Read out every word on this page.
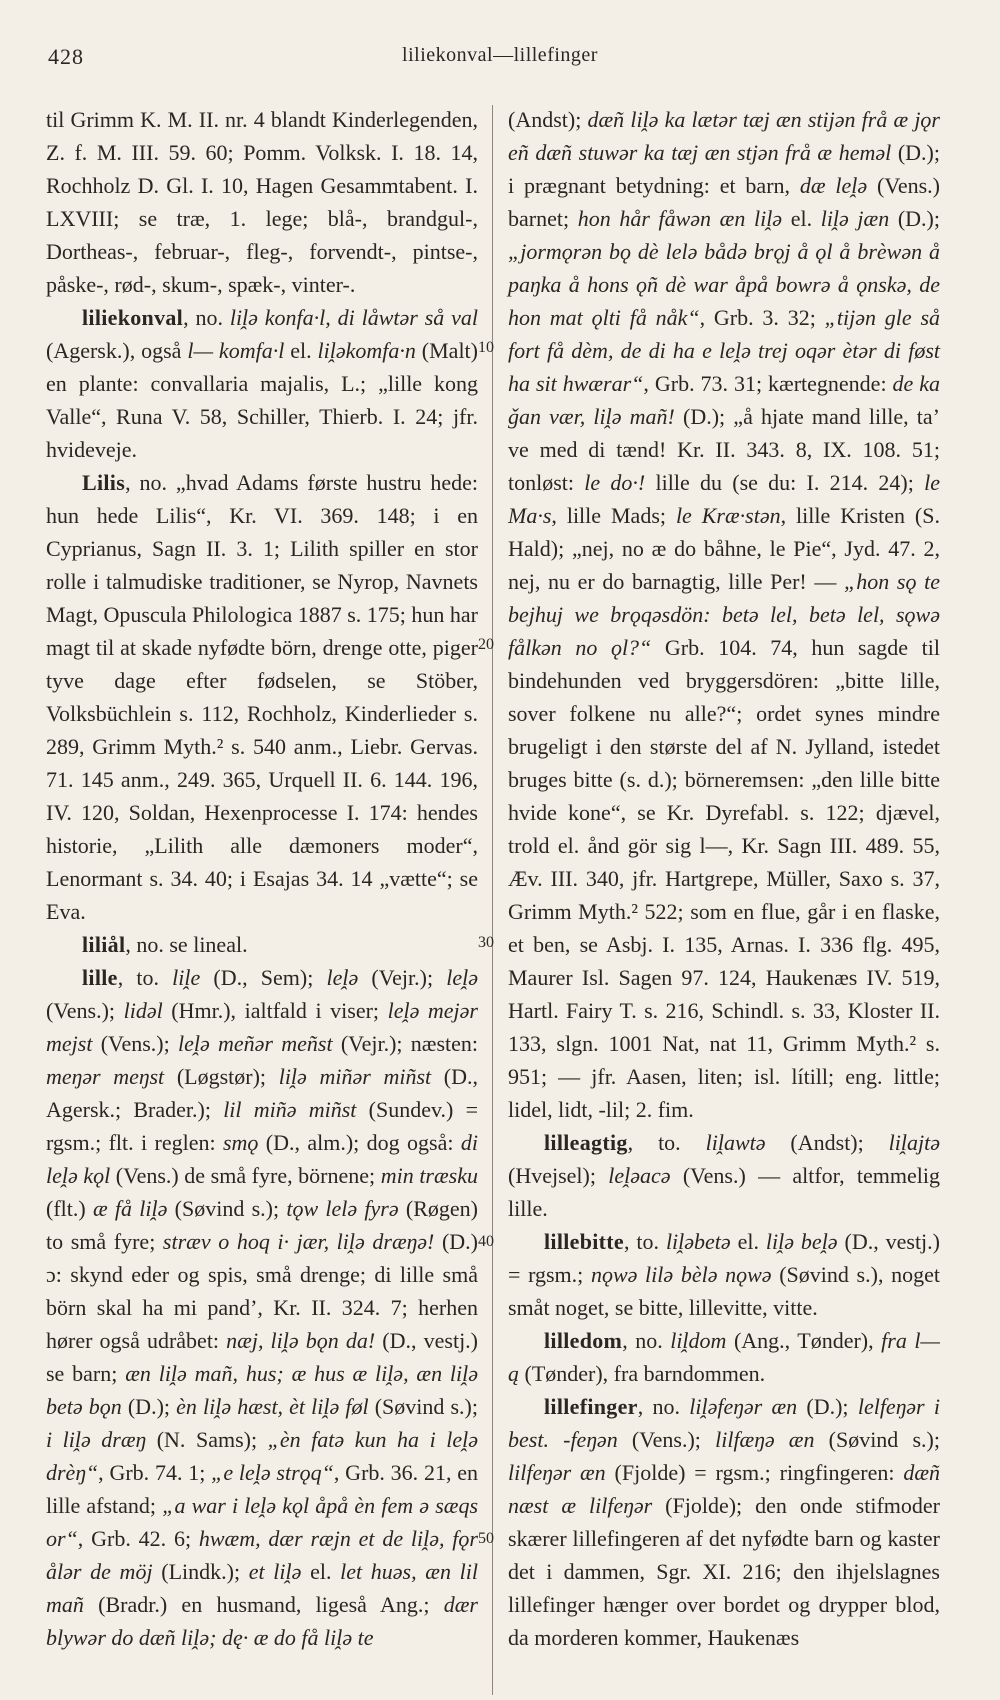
428	liliekonval—lillefinger

til Grimm K. M. II. nr. 4 blandt Kinderlegenden, Z. f. M. III. 59. 60; Pomm. Volksk. I. 18. 14, Rochholz D. Gl. I. 10, Hagen Gesammtabent. I. LXVIII; se træ, 1. lege; blå-, brandgul-, Dortheas-, februar-, fleg-, forvendt-, pintse-, påske-, rød-, skum-, spæk-, vinter-.

liliekonval, no. liḽə konfa·l, di låwtər så val (Agersk.), også l— komfa·l el. liḽəkomfa·n (Malt) en plante: convallaria majalis, L.; „lille kong Valle“, Runa V. 58, Schiller, Thierb. I. 24; jfr. hvideveje.

Lilis, no. „hvad Adams første hustru hede: hun hede Lilis“, Kr. VI. 369. 148; i en Cyprianus, Sagn II. 3. 1; Lilith spiller en stor rolle i talmudiske traditioner, se Nyrop, Navnets Magt, Opuscula Philologica 1887 s. 175; hun har magt til at skade nyfødte börn, drenge otte, piger tyve dage efter fødselen, se Stöber, Volksbüchlein s. 112, Rochholz, Kinderlieder s. 289, Grimm Myth.² s. 540 anm., Liebr. Gervas. 71. 145 anm., 249. 365, Urquell II. 6. 144. 196, IV. 120, Soldan, Hexenprocesse I. 174: hendes historie, „Lilith alle dæmoners moder“, Lenormant s. 34. 40; i Esajas 34. 14 „vætte“; se Eva.

liliål, no. se lineal.

lille, to. liḽe (D., Sem); leḽə (Vejr.); leḽə (Vens.); lidəl (Hmr.), ialtfald i viser; leḽə mejər mejst (Vens.); leḽə meñər meñst (Vejr.); næsten: meŋər meŋst (Løgstør); liḽə miñər miñst (D., Agersk.; Brader.); lil miñə miñst (Sundev.) = rgsm.; flt. i reglen: smǫ (D., alm.); dog også: di leḽə kǫl (Vens.) de små fyre, börnene; min træsku (flt.) æ få liḽə (Søvind s.); tǫw lelə fyrə (Røgen) to små fyre; stræv o hoq i· jær, liḽə dræŋə! (D.) ɔ: skynd eder og spis, små drenge; di lille små börn skal ha mi pand’, Kr. II. 324. 7; herhen hører også udråbet: næj, liḽə bǫn da! (D., vestj.) se barn; æn liḽə mañ, hus; æ hus æ liḽə, æn liḽə betə bǫn (D.); èn liḽə hæst, èt liḽə føl (Søvind s.); i liḽə dræŋ (N. Sams); „èn fatə kun ha i leḽə drèŋ“, Grb. 74. 1; „e leḽə strǫq“, Grb. 36. 21, en lille afstand; „a war i leḽə kǫl åpå èn fem ə sæqs or“, Grb. 42. 6; hwæm, dær ræjn et de liḽə, fǫr ålər de möj (Lindk.); et liḽə el. let huəs, æn lil mañ (Bradr.) en husmand, ligeså Ang.; dær blywər do dæñ liḽə; dę· æ do få liḽə te

(Andst); dæñ liḽə ka lætər tæj æn stijən frå æ jǫr eñ dæñ stuwər ka tæj æn stjən frå æ heməl (D.); i prægnant betydning: et barn, dæ leḽə (Vens.) barnet; hon hår fåwən æn liḽə el. liḽə jæn (D.); „jormǫrən bǫ dè lelə bådə brǫj å ǫl å brèwən å paŋka å hons ǫñ dè war åpå bowrə å ǫnskə, de hon mat ǫlti få nåk“, Grb. 3. 32; „tijən gle så fort få dèm, de di ha e leḽə trej oqər ètər di føst ha sit hwærar“, Grb. 73. 31; kærtegnende: de ka ǧan vær, liḽə mañ! (D.); „å hjate mand lille, ta’ ve med di tænd! Kr. II. 343. 8, IX. 108. 51; tonløst: le do·! lille du (se du: I. 214. 24); le Ma·s, lille Mads; le Kræ·stən, lille Kristen (S. Hald); „nej, no æ do båhne, le Pie“, Jyd. 47. 2, nej, nu er do barnagtig, lille Per! — „hon sǫ te bejhuj we brǫqəsdön: betə lel, betə lel, sǫwə fålkən no ǫl?“ Grb. 104. 74, hun sagde til bindehunden ved bryggersdören: „bitte lille, sover folkene nu alle?“; ordet synes mindre brugeligt i den største del af N. Jylland, istedet bruges bitte (s. d.); börneremsen: „den lille bitte hvide kone“, se Kr. Dyrefabl. s. 122; djævel, trold el. ånd gör sig l—, Kr. Sagn III. 489. 55, Æv. III. 340, jfr. Hartgrepe, Müller, Saxo s. 37, Grimm Myth.² 522; som en flue, går i en flaske, et ben, se Asbj. I. 135, Arnas. I. 336 flg. 495, Maurer Isl. Sagen 97. 124, Haukenæs IV. 519, Hartl. Fairy T. s. 216, Schindl. s. 33, Kloster II. 133, slgn. 1001 Nat, nat 11, Grimm Myth.² s. 951; — jfr. Aasen, liten; isl. lítill; eng. little; lidel, lidt, -lil; 2. fim.

lilleagtig, to. liḽawtə (Andst); liḽajtə (Hvejsel); leḽəacə (Vens.) — altfor, temmelig lille.

lillebitte, to. liḽəbetə el. liḽə beḽə (D., vestj.) = rgsm.; nǫwə lilə bèlə nǫwə (Søvind s.), noget småt noget, se bitte, lillevitte, vitte.

lilledom, no. liḽdom (Ang., Tønder), fra l— ą (Tønder), fra barndommen.

lillefinger, no. liḽəfeŋər æn (D.); lelfeŋər i best. -feŋən (Vens.); lilfæŋə æn (Søvind s.); lilfeŋər æn (Fjolde) = rgsm.; ringfingeren: dæñ næst æ lilfeŋər (Fjolde); den onde stifmoder skærer lillefingeren af det nyfødte barn og kaster det i dammen, Sgr. XI. 216; den ihjelslagnes lillefinger hænger over bordet og drypper blod, da morderen kommer, Haukenæs

10
20
30
40
50
